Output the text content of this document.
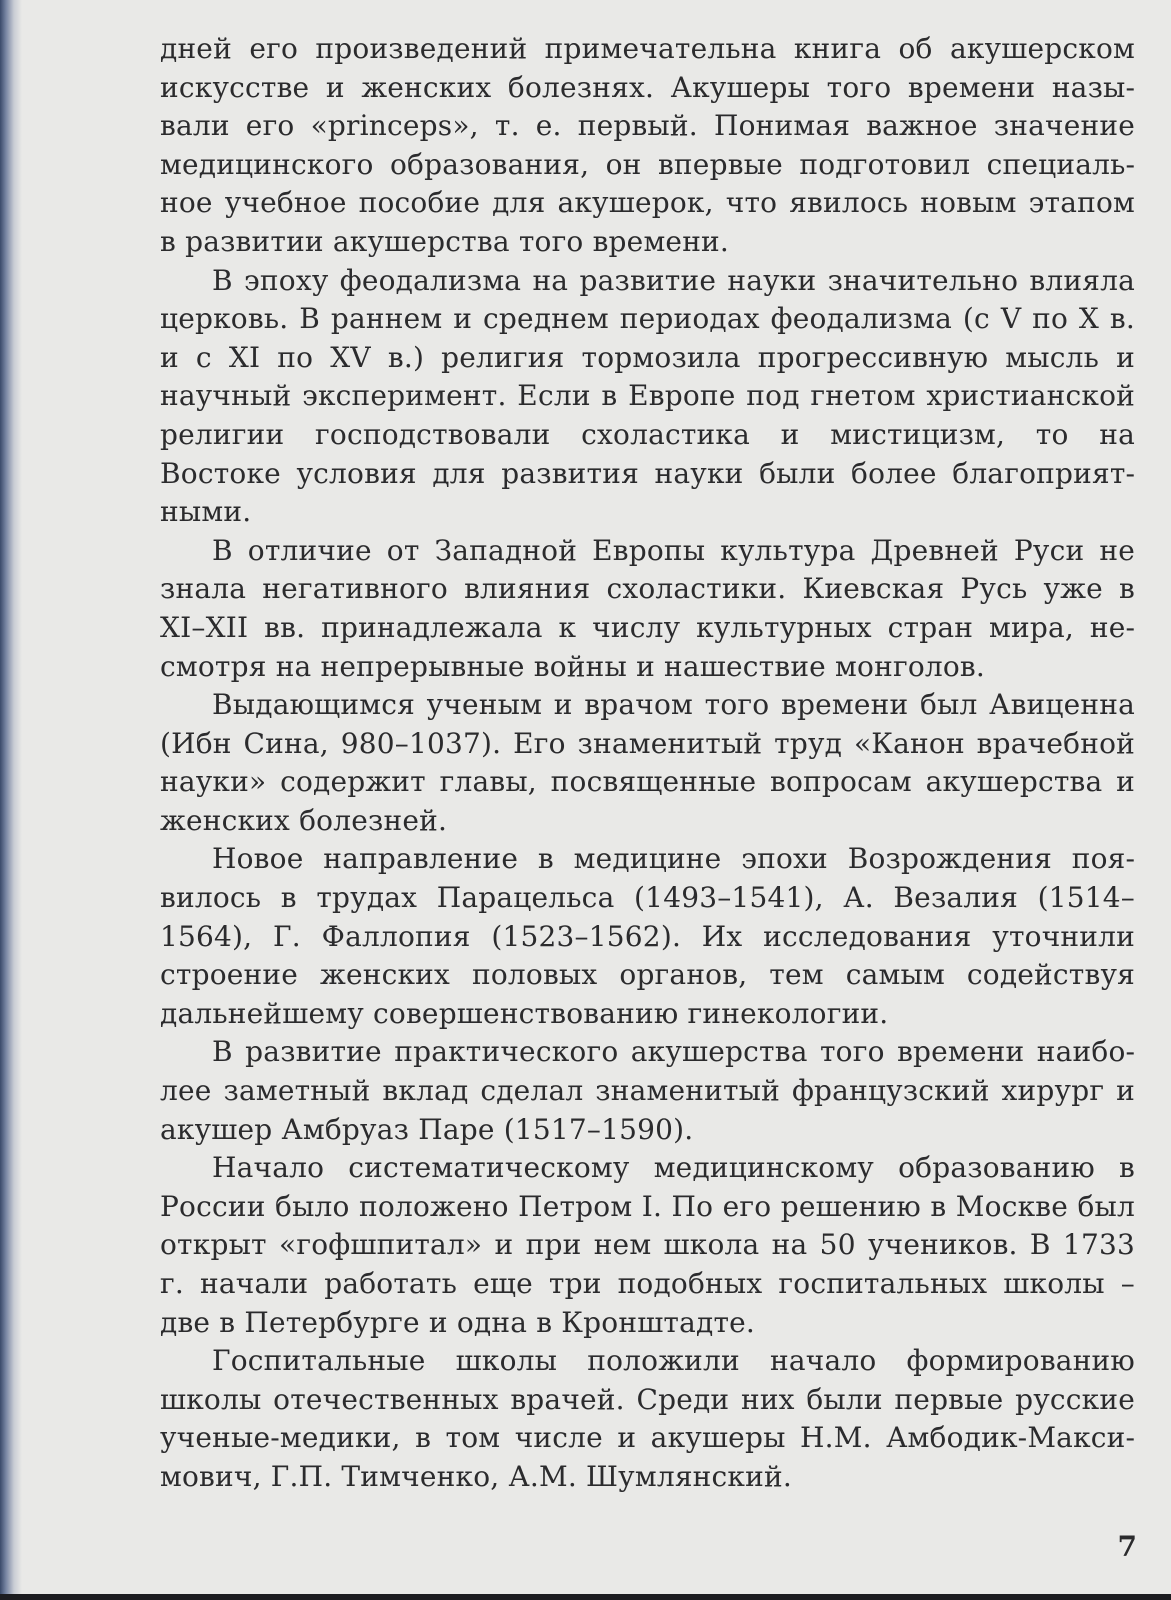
дней его произведений примечательна книга об акушерском искусстве и женских болезнях. Акушеры того времени называли его «princeps», т. е. первый. Понимая важное значение медицинского образования, он впервые подготовил специальное учебное пособие для акушерок, что явилось новым этапом в развитии акушерства того времени.

В эпоху феодализма на развитие науки значительно влияла церковь. В раннем и среднем периодах феодализма (с V по X в. и с XI по XV в.) религия тормозила прогрессивную мысль и научный эксперимент. Если в Европе под гнетом христианской религии господствовали схоластика и мистицизм, то на Востоке условия для развития науки были более благоприятными.

В отличие от Западной Европы культура Древней Руси не знала негативного влияния схоластики. Киевская Русь уже в XI–XII вв. принадлежала к числу культурных стран мира, несмотря на непрерывные войны и нашествие монголов.

Выдающимся ученым и врачом того времени был Авиценна (Ибн Сина, 980–1037). Его знаменитый труд «Канон врачебной науки» содержит главы, посвященные вопросам акушерства и женских болезней.

Новое направление в медицине эпохи Возрождения появилось в трудах Парацельса (1493–1541), А. Везалия (1514–1564), Г. Фаллопия (1523–1562). Их исследования уточнили строение женских половых органов, тем самым содействуя дальнейшему совершенствованию гинекологии.

В развитие практического акушерства того времени наиболее заметный вклад сделал знаменитый французский хирург и акушер Амбруаз Паре (1517–1590).

Начало систематическому медицинскому образованию в России было положено Петром I. По его решению в Москве был открыт «гофшпитал» и при нем школа на 50 учеников. В 1733 г. начали работать еще три подобных госпитальных школы – две в Петербурге и одна в Кронштадте.

Госпитальные школы положили начало формированию школы отечественных врачей. Среди них были первые русские ученые-медики, в том числе и акушеры Н.М. Амбодик-Максимович, Г.П. Тимченко, А.М. Шумлянский.

7
